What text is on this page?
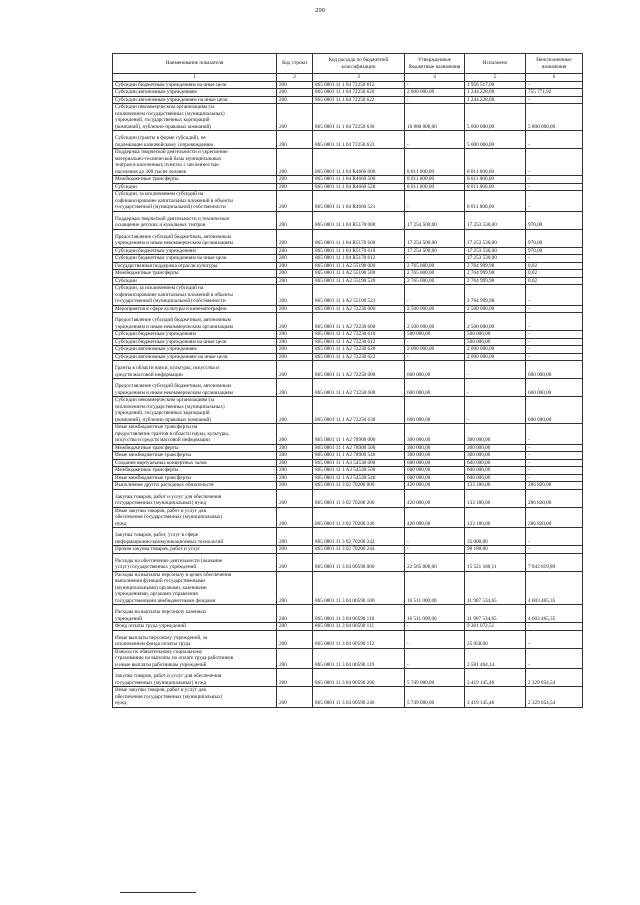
200
Наименование показателя	Код строки	Код расхода по бюджетной классификации	Утвержденные бюджетные назначения	Исполнено	Неисполненные назначения
1	2	3	4	5	6
Субсидии бюджетным учреждениям на иные цели	200	865 0801 11 1 04 72250 612	-	1 956 517,00	-
Субсидии автономным учреждениям	200	865 0801 11 1 04 72250 620	2 000 000,00	1 244 228,08	755 771,92
Субсидии автономным учреждениям на иные цели	200	865 0801 11 1 04 72250 622	-	1 244 228,08	-
Субсидии некоммерческим организациям (за
исключением государственных (муниципальных)
учреждений, государственных корпораций
(компаний), публично-правовых компаний)	200	865 0801 11 1 04 72250 630	10 800 000,00	5 000 000,00	5 800 000,00
Субсидии (гранты в форме субсидий), не
подлежащие казначейскому сопровождению	200	865 0801 11 1 04 72250 633	-	5 000 000,00	-
Поддержка творческой деятельности и укрепление
материально-технической базы муниципальных
театров в населенных пунктах с численностью
населения до 300 тысяч человек	200	865 0801 11 1 04 R4660 000	8 011 000,00	8 011 000,00	-
Межбюджетные трансферты	200	865 0801 11 1 04 R4660 500	8 011 000,00	8 011 000,00	-
Субсидии	200	865 0801 11 1 04 R4660 520	8 011 000,00	8 011 000,00	-
Субсидии, за исключением субсидий на
софинансирование капитальных вложений в объекты
государственной (муниципальной) собственности	200	865 0801 11 1 04 R4660 521	-	8 011 000,00	-
Поддержка творческой деятельности и техническое
оснащение детских и кукольных театров	200	865 0801 11 1 04 R5170 000	17 254 500,00	17 253 530,00	970,00
Предоставление субсидий бюджетным, автономным
учреждениям и иным некоммерческим организациям	200	865 0801 11 1 04 R5170 600	17 254 500,00	17 253 530,00	970,00
Субсидии бюджетным учреждениям	200	865 0801 11 1 04 R5170 610	17 254 500,00	17 253 530,00	970,00
Субсидии бюджетным учреждениям на иные цели	200	865 0801 11 1 04 R5170 612	-	17 253 530,00	-
Государственная поддержка отрасли культуры	200	865 0801 11 1 A2 55190 000	2 765 000,00	2 764 999,98	0,02
Межбюджетные трансферты	200	865 0801 11 1 A2 55190 500	2 765 000,00	2 764 999,98	0,02
Субсидии	200	865 0801 11 1 A2 55190 520	2 765 000,00	2 764 999,98	0,02
Субсидии, за исключением субсидий на
софинансирование капитальных вложений в объекты
государственной (муниципальной) собственности	200	865 0801 11 1 A2 55190 521	-	2 764 999,98	-
Мероприятия в сфере культуры и кинематографии	200	865 0801 11 1 A2 72230 000	2 500 000,00	2 500 000,00	-
Предоставление субсидий бюджетным, автономным
учреждениям и иным некоммерческим организациям	200	865 0801 11 1 A2 72230 600	2 500 000,00	2 500 000,00	-
Субсидии бюджетным учреждениям	200	865 0801 11 1 A2 72230 610	500 000,00	500 000,00	-
Субсидии бюджетным учреждениям на иные цели	200	865 0801 11 1 A2 72230 612	-	500 000,00	-
Субсидии автономным учреждениям	200	865 0801 11 1 A2 72230 620	2 000 000,00	2 000 000,00	-
Субсидии автономным учреждениям на иные цели	200	865 0801 11 1 A2 72230 622	-	2 000 000,00	-
Гранты в области науки, культуры, искусства и
средств массовой информации	200	865 0801 11 1 A2 72250 000	600 000,00	-	600 000,00
Предоставление субсидий бюджетным, автономным
учреждениям и иным некоммерческим организациям	200	865 0801 11 1 A2 72250 600	600 000,00	-	600 000,00
Субсидии некоммерческим организациям (за
исключением государственных (муниципальных)
учреждений, государственных корпораций
(компаний), публично-правовых компаний)	200	865 0801 11 1 A2 72250 630	600 000,00	-	600 000,00
Иные межбюджетные трансферты на
предоставление грантов в области науки, культуры,
искусства и средств массовой информации	200	865 0801 11 1 A2 78900 000	300 000,00	300 000,00	-
Межбюджетные трансферты	200	865 0801 11 1 A2 78900 500	300 000,00	300 000,00	-
Иные межбюджетные трансферты	200	865 0801 11 1 A2 78900 540	300 000,00	300 000,00	-
Создание виртуальных концертных залов	200	865 0801 11 1 A3 54530 000	600 000,00	600 000,00	-
Межбюджетные трансферты	200	865 0801 11 1 A3 54530 500	600 000,00	600 000,00	-
Иные межбюджетные трансферты	200	865 0801 11 1 A3 54530 540	600 000,00	600 000,00	-
Выполнение других расходных обязательств	200	865 0801 11 3 02 70200 000	420 000,00	133 180,00	286 820,00
Закупка товаров, работ и услуг для обеспечения
государственных (муниципальных) нужд	200	865 0801 11 3 02 70200 200	420 000,00	133 180,00	286 820,00
Иные закупки товаров, работ и услуг для
обеспечения государственных (муниципальных)
нужд	200	865 0801 11 3 02 70200 240	420 000,00	133 180,00	286 820,00
Закупка товаров, работ, услуг в сфере
информационно-коммуникационных технологий	200	865 0801 11 3 02 70200 242	-	35 000,00	-
Прочая закупка товаров, работ и услуг	200	865 0801 11 3 02 70200 244	-	98 180,00	-
Расходы на обеспечение деятельности (оказание
услуг) государственных учреждений	200	865 0801 11 3 04 00590 000	22 565 000,00	15 521 180,11	7 043 819,89
Расходы на выплаты персоналу в целях обеспечения
выполнения функций государственными
(муниципальными) органами, казенными
учреждениями, органами управления
государственными внебюджетными фондами	200	865 0801 11 3 04 00590 100	16 511 000,00	11 907 534,65	4 603 465,35
Расходы на выплаты персоналу казенных
учреждений	200	865 0801 11 3 04 00590 110	16 511 000,00	11 907 534,65	4 603 465,35
Фонд оплаты труда учреждений	200	865 0801 11 3 04 00590 111	-	9 301 072,51	-
Иные выплаты персоналу учреждений, за
исключением фонда оплаты труда	200	865 0801 11 3 04 00590 112	-	25 058,00	-
Взносы по обязательному социальному
страхованию на выплаты по оплате труда работников
и иные выплаты работникам учреждений	200	865 0801 11 3 04 00590 119	-	2 581 404,14	-
Закупка товаров, работ и услуг для обеспечения
государственных (муниципальных) нужд	200	865 0801 11 3 04 00590 200	5 749 000,00	3 419 145,46	2 329 854,54
Иные закупки товаров, работ и услуг для
обеспечения государственных (муниципальных)
нужд	200	865 0801 11 3 04 00590 240	5 749 000,00	3 419 145,46	2 329 854,54
